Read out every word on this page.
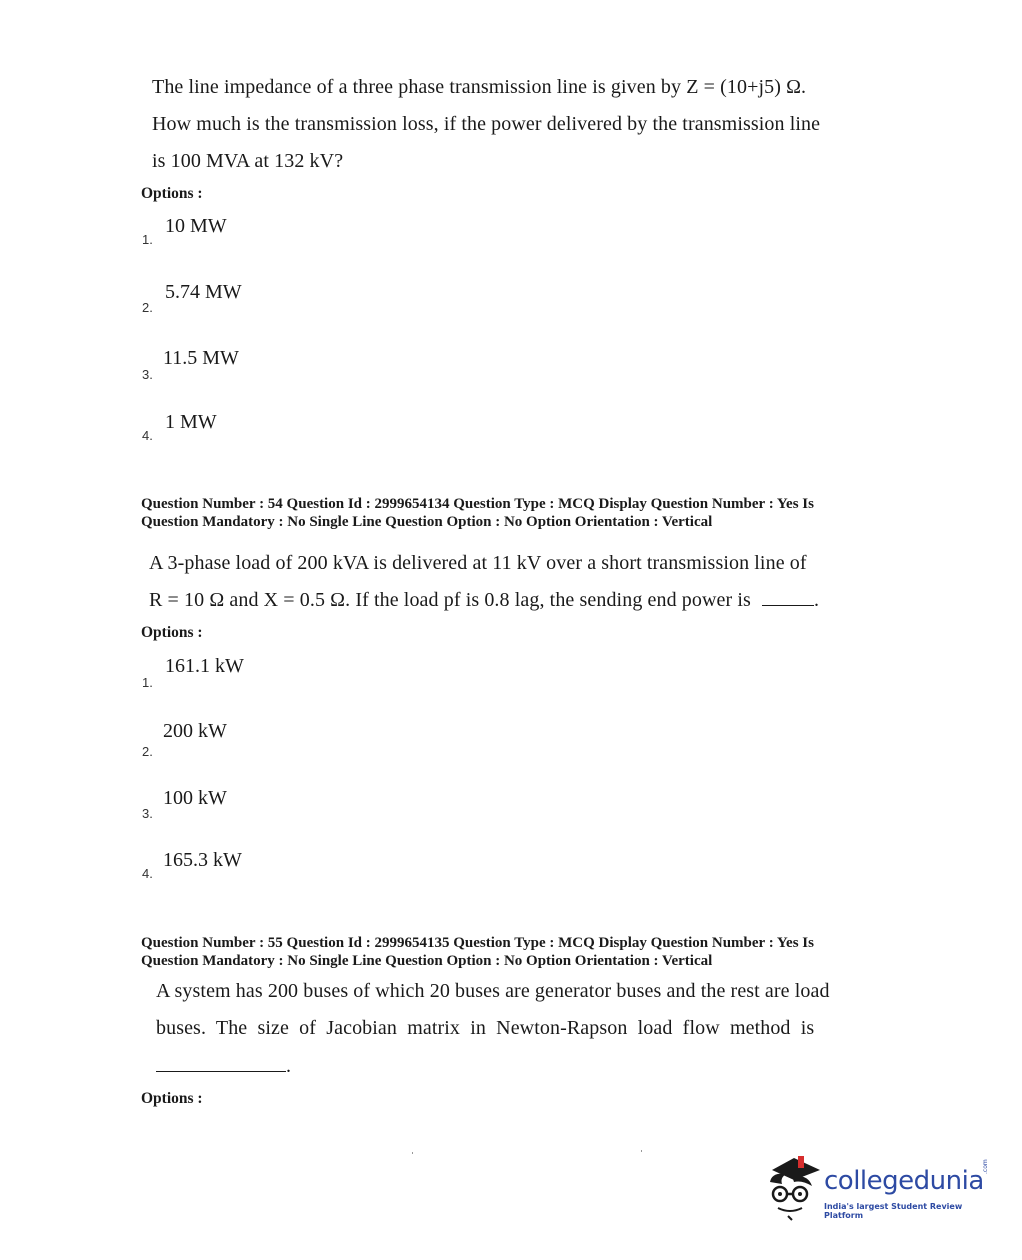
The line impedance of a three phase transmission line is given by Z = (10+j5) Ω.
How much is the transmission loss, if the power delivered by the transmission line
is 100 MVA at 132 kV?
Options :
1.
10 MW
2.
5.74 MW
3.
11.5 MW
4.
1 MW
Question Number : 54 Question Id : 2999654134 Question Type : MCQ Display Question Number : Yes Is
Question Mandatory : No Single Line Question Option : No Option Orientation : Vertical
A 3-phase load of 200 kVA is delivered at 11 kV over a short transmission line of
R = 10 Ω and X = 0.5 Ω. If the load pf is 0.8 lag, the sending end power is	.
Options :
1.
161.1 kW
2.
200 kW
3.
100 kW
4.
165.3 kW
Question Number : 55 Question Id : 2999654135 Question Type : MCQ Display Question Number : Yes Is
Question Mandatory : No Single Line Question Option : No Option Orientation : Vertical
A system has 200 buses of which 20 buses are generator buses and the rest are load
buses.  The  size  of  Jacobian  matrix  in  Newton-Rapson  load  flow  method  is
.
Options :
collegedunia
India's largest Student Review Platform
.com
